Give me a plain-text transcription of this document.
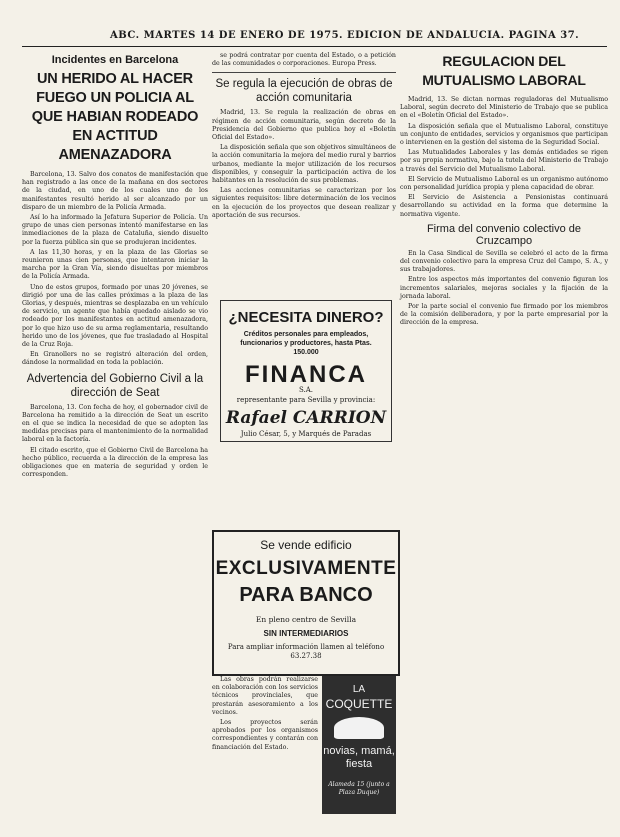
ABC. MARTES 14 DE ENERO DE 1975. EDICION DE ANDALUCIA. PAGINA 37.
Incidentes en Barcelona
UN HERIDO AL HACER FUEGO UN POLICIA AL QUE HABIAN RODEADO EN ACTITUD AMENAZADORA

Barcelona, 13. Salvo dos conatos de manifestación que han registrado a las once de la mañana en dos sectores de la ciudad, en uno de los cuales uno de los manifestantes resultó herido al ser alcanzado por un disparo de un miembro de la Policía Armada.

Así lo ha informado la Jefatura Superior de Policía. Un grupo de unas cien personas intentó manifestarse en las inmediaciones de la plaza de Cataluña, siendo disuelto por la fuerza pública sin que se produjeran incidentes.

A las 11,30 horas, y en la plaza de las Glorias se reunieron unas cien personas, que intentaron iniciar la marcha por la Gran Vía, siendo disueltas por miembros de la Policía Armada.

Uno de estos grupos, formado por unas 20 jóvenes, se dirigió por una de las calles próximas a la plaza de las Glorias, y después, mientras se desplazaba en un vehículo de servicio, un agente que había quedado aislado se vio rodeado por los manifestantes en actitud amenazadora, por lo que hizo uso de su arma reglamentaria, resultando herido uno de los jóvenes, que fue trasladado al Hospital de la Cruz Roja.

En Granollers no se registró alteración del orden, dándose la normalidad en toda la población.

Advertencia del Gobierno Civil a la dirección de Seat

Barcelona, 13. Con fecha de hoy, el gobernador civil de Barcelona ha remitido a la dirección de Seat un escrito en el que se indica la necesidad de que se adopten las medidas precisas para el mantenimiento de la normalidad laboral en la factoría.

El citado escrito, que el Gobierno Civil de Barcelona ha hecho público, recuerda a la dirección de la empresa las obligaciones que en materia de seguridad y orden le corresponden.

se podrá contratar por cuenta del Estado, o a petición de las comunidades o corporaciones. Europa Press.

Se regula la ejecución de obras de acción comunitaria

Madrid, 13. Se regula la realización de obras en régimen de acción comunitaria, según decreto de la Presidencia del Gobierno que publica hoy el «Boletín Oficial del Estado».

La disposición señala que son objetivos simultáneos de la acción comunitaria la mejora del medio rural y barrios urbanos, mediante la mejor utilización de los recursos disponibles, y conseguir la participación activa de los habitantes en la resolución de sus problemas.

Las acciones comunitarias se caracterizan por los siguientes requisitos: libre determinación de los vecinos en la ejecución de los proyectos que desean realizar y aportación de sus recursos.

¿NECESITA DINERO?
Créditos personales para empleados, funcionarios y productores, hasta Ptas. 150.000
FINANCA
S.A.
representante para Sevilla y provincia:
Rafael CARRION
Julio César, 5, y Marqués de Paradas
Se vende edificio
EXCLUSIVAMENTE
PARA BANCO
En pleno centro de Sevilla
SIN INTERMEDIARIOS
Para ampliar información llamen al teléfono 63.27.38

Las obras podrán realizarse en colaboración con los servicios técnicos provinciales, que prestarán asesoramiento a los vecinos.

Los proyectos serán aprobados por los organismos correspondientes y contarán con financiación del Estado.

LA
COQUETTE
novias, mamá, fiesta
Alameda 15 (junto a Plaza Duque)
REGULACION DEL MUTUALISMO LABORAL

Madrid, 13. Se dictan normas reguladoras del Mutualismo Laboral, según decreto del Ministerio de Trabajo que se publica en el «Boletín Oficial del Estado».

La disposición señala que el Mutualismo Laboral, constituye un conjunto de entidades, servicios y organismos que participan o intervienen en la gestión del sistema de la Seguridad Social.

Las Mutualidades Laborales y las demás entidades se rigen por su propia normativa, bajo la tutela del Ministerio de Trabajo a través del Servicio del Mutualismo Laboral.

El Servicio de Mutualismo Laboral es un organismo autónomo con personalidad jurídica propia y plena capacidad de obrar.

El Servicio de Asistencia a Pensionistas continuará desarrollando su actividad en la forma que determine la normativa vigente.

Firma del convenio colectivo de Cruzcampo

En la Casa Sindical de Sevilla se celebró el acto de la firma del convenio colectivo para la empresa Cruz del Campo, S. A., y sus trabajadores.

Entre los aspectos más importantes del convenio figuran los incrementos salariales, mejoras sociales y la fijación de la jornada laboral.

Por la parte social el convenio fue firmado por los miembros de la comisión deliberadora, y por la parte empresarial por la dirección de la empresa.
